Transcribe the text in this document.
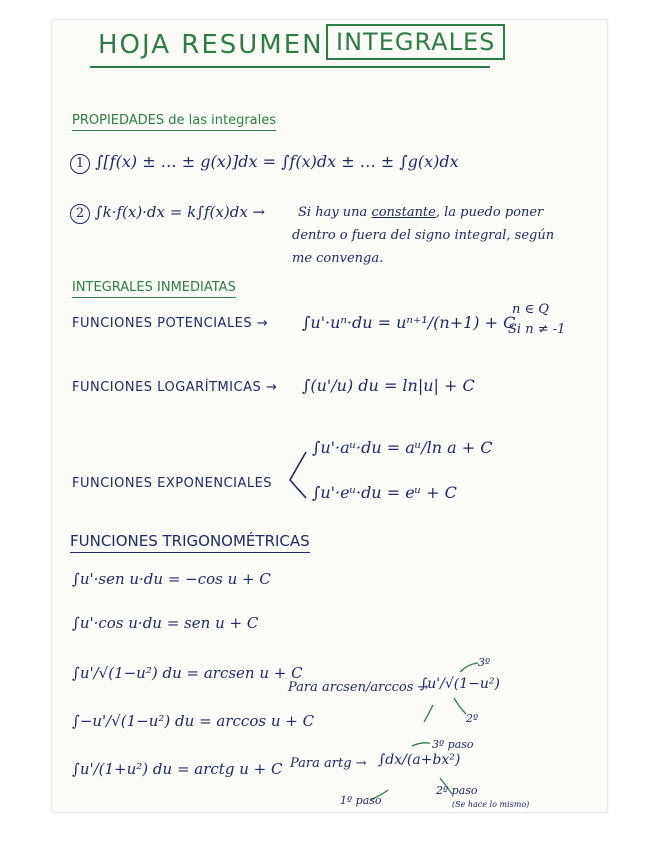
HOJA RESUMEN INTEGRALES
PROPIEDADES de las integrales
1 ∫[f(x) ± … ± g(x)]dx = ∫f(x)dx ± … ± ∫g(x)dx
2 ∫k·f(x)·dx = k∫f(x)dx →	Si hay una constante, la puedo poner
dentro o fuera del signo integral, según
me convenga.
INTEGRALES INMEDIATAS
FUNCIONES POTENCIALES → ∫u'·uⁿ·du = uⁿ⁺¹/(n+1) + C
n ∈ Q
Si n ≠ -1
FUNCIONES LOGARÍTMICAS → ∫(u'/u) du = ln|u| + C
FUNCIONES EXPONENCIALES
∫u'·aᵘ·du = aᵘ/ln a + C
∫u'·eᵘ·du = eᵘ + C
FUNCIONES TRIGONOMÉTRICAS
∫u'·sen u·du = −cos u + C
∫u'·cos u·du = sen u + C
∫u'/√(1−u²) du = arcsen u + C
∫−u'/√(1−u²) du = arccos u + C
∫u'/(1+u²) du = arctg u + C
Para arcsen/arccos →
∫u'/√(1−u²)
3º
2º
Para artg → ∫dx/(a+bx²)
1º paso
2º paso
3º paso
(Se hace lo mismo)
